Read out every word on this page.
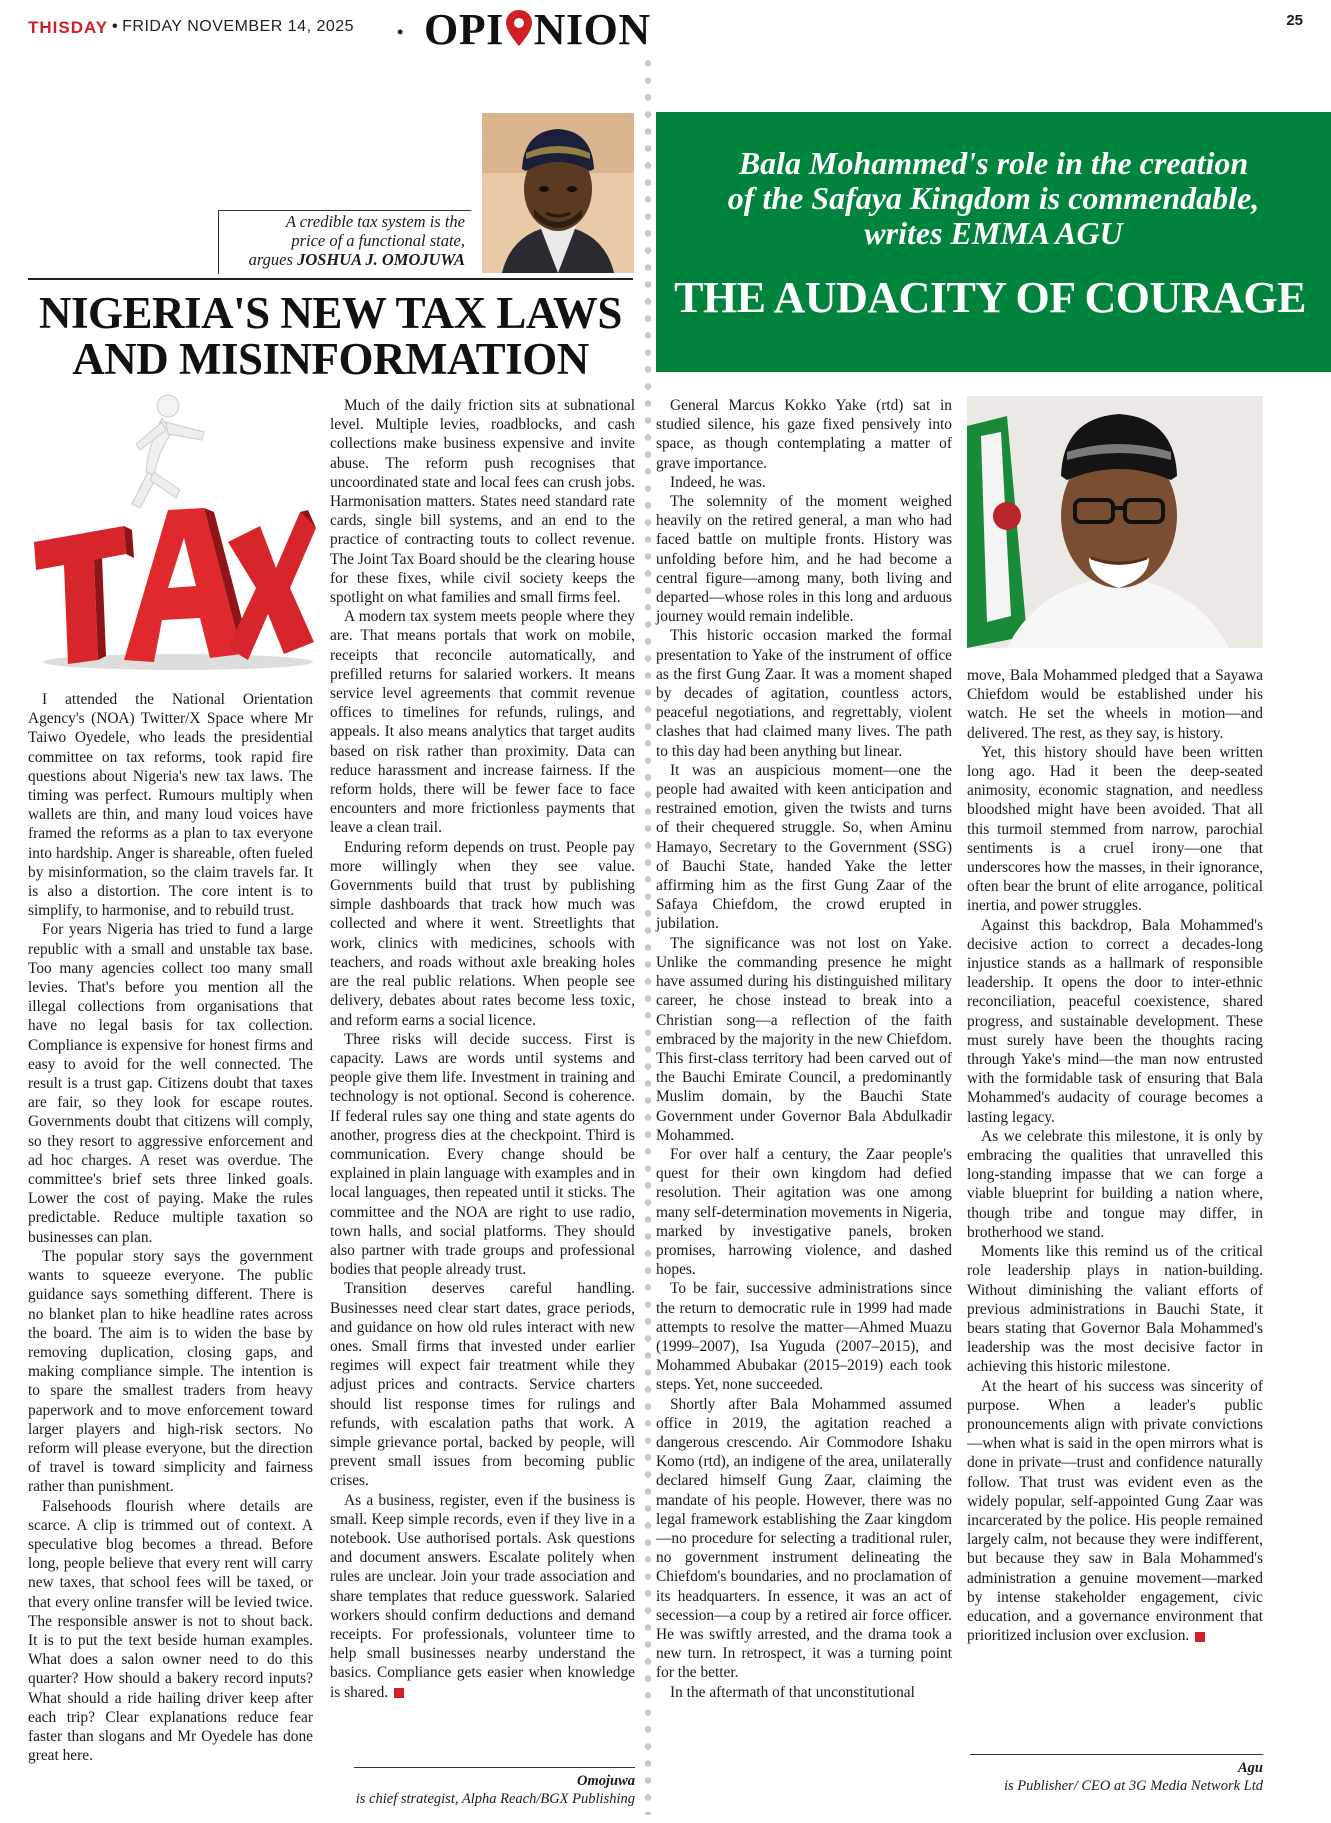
THISDAY • FRIDAY NOVEMBER 14, 2025 • OPI NION	25
A credible tax system is the
price of a functional state,
argues JOSHUA J. OMOJUWA
NIGERIA'S NEW TAX LAWS
AND MISINFORMATION
Bala Mohammed's role in the creation
of the Safaya Kingdom is commendable,
writes EMMA AGU
THE AUDACITY OF COURAGE

I attended the National Orientation Agency's (NOA) Twitter/X Space where Mr Taiwo Oyedele, who leads the presidential committee on tax reforms, took rapid fire questions about Nigeria's new tax laws. The timing was perfect. Rumours multiply when wallets are thin, and many loud voices have framed the reforms as a plan to tax everyone into hardship. Anger is shareable, often fueled by misinformation, so the claim travels far. It is also a distortion. The core intent is to simplify, to harmonise, and to rebuild trust.

For years Nigeria has tried to fund a large republic with a small and unstable tax base. Too many agencies collect too many small levies. That's before you mention all the illegal collections from organisations that have no legal basis for tax collection. Compliance is expensive for honest firms and easy to avoid for the well connected. The result is a trust gap. Citizens doubt that taxes are fair, so they look for escape routes. Governments doubt that citizens will comply, so they resort to aggressive enforcement and ad hoc charges. A reset was overdue. The committee's brief sets three linked goals. Lower the cost of paying. Make the rules predictable. Reduce multiple taxation so businesses can plan.

The popular story says the government wants to squeeze everyone. The public guidance says something different. There is no blanket plan to hike headline rates across the board. The aim is to widen the base by removing duplication, closing gaps, and making compliance simple. The intention is to spare the smallest traders from heavy paperwork and to move enforcement toward larger players and high-risk sectors. No reform will please everyone, but the direction of travel is toward simplicity and fairness rather than punishment.

Falsehoods flourish where details are scarce. A clip is trimmed out of context. A speculative blog becomes a thread. Before long, people believe that every rent will carry new taxes, that school fees will be taxed, or that every online transfer will be levied twice. The responsible answer is not to shout back. It is to put the text beside human examples. What does a salon owner need to do this quarter? How should a bakery record inputs? What should a ride hailing driver keep after each trip? Clear explanations reduce fear faster than slogans and Mr Oyedele has done great here.

Much of the daily friction sits at subnational level. Multiple levies, roadblocks, and cash collections make business expensive and invite abuse. The reform push recognises that uncoordinated state and local fees can crush jobs. Harmonisation matters. States need standard rate cards, single bill systems, and an end to the practice of contracting touts to collect revenue. The Joint Tax Board should be the clearing house for these fixes, while civil society keeps the spotlight on what families and small firms feel.

A modern tax system meets people where they are. That means portals that work on mobile, receipts that reconcile automatically, and prefilled returns for salaried workers. It means service level agreements that commit revenue offices to timelines for refunds, rulings, and appeals. It also means analytics that target audits based on risk rather than proximity. Data can reduce harassment and increase fairness. If the reform holds, there will be fewer face to face encounters and more frictionless payments that leave a clean trail.

Enduring reform depends on trust. People pay more willingly when they see value. Governments build that trust by publishing simple dashboards that track how much was collected and where it went. Streetlights that work, clinics with medicines, schools with teachers, and roads without axle breaking holes are the real public relations. When people see delivery, debates about rates become less toxic, and reform earns a social licence.

Three risks will decide success. First is capacity. Laws are words until systems and people give them life. Investment in training and technology is not optional. Second is coherence. If federal rules say one thing and state agents do another, progress dies at the checkpoint. Third is communication. Every change should be explained in plain language with examples and in local languages, then repeated until it sticks. The committee and the NOA are right to use radio, town halls, and social platforms. They should also partner with trade groups and professional bodies that people already trust.

Transition deserves careful handling. Businesses need clear start dates, grace periods, and guidance on how old rules interact with new ones. Small firms that invested under earlier regimes will expect fair treatment while they adjust prices and contracts. Service charters should list response times for rulings and refunds, with escalation paths that work. A simple grievance portal, backed by people, will prevent small issues from becoming public crises.

As a business, register, even if the business is small. Keep simple records, even if they live in a notebook. Use authorised portals. Ask questions and document answers. Escalate politely when rules are unclear. Join your trade association and share templates that reduce guesswork. Salaried workers should confirm deductions and demand receipts. For professionals, volunteer time to help small businesses nearby understand the basics. Compliance gets easier when knowledge is shared.

Omojuwa
is chief strategist, Alpha Reach/BGX Publishing

General Marcus Kokko Yake (rtd) sat in studied silence, his gaze fixed pensively into space, as though contemplating a matter of grave importance.

Indeed, he was.

The solemnity of the moment weighed heavily on the retired general, a man who had faced battle on multiple fronts. History was unfolding before him, and he had become a central figure—among many, both living and departed—whose roles in this long and arduous journey would remain indelible.

This historic occasion marked the formal presentation to Yake of the instrument of office as the first Gung Zaar. It was a moment shaped by decades of agitation, countless actors, peaceful negotiations, and regrettably, violent clashes that had claimed many lives. The path to this day had been anything but linear.

It was an auspicious moment—one the people had awaited with keen anticipation and restrained emotion, given the twists and turns of their chequered struggle. So, when Aminu Hamayo, Secretary to the Government (SSG) of Bauchi State, handed Yake the letter affirming him as the first Gung Zaar of the Safaya Chiefdom, the crowd erupted in jubilation.

The significance was not lost on Yake. Unlike the commanding presence he might have assumed during his distinguished military career, he chose instead to break into a Christian song—a reflection of the faith embraced by the majority in the new Chiefdom. This first-class territory had been carved out of the Bauchi Emirate Council, a predominantly Muslim domain, by the Bauchi State Government under Governor Bala Abdulkadir Mohammed.

For over half a century, the Zaar people's quest for their own kingdom had defied resolution. Their agitation was one among many self-determination movements in Nigeria, marked by investigative panels, broken promises, harrowing violence, and dashed hopes.

To be fair, successive administrations since the return to democratic rule in 1999 had made attempts to resolve the matter—Ahmed Muazu (1999–2007), Isa Yuguda (2007–2015), and Mohammed Abubakar (2015–2019) each took steps. Yet, none succeeded.

Shortly after Bala Mohammed assumed office in 2019, the agitation reached a dangerous crescendo. Air Commodore Ishaku Komo (rtd), an indigene of the area, unilaterally declared himself Gung Zaar, claiming the mandate of his people. However, there was no legal framework establishing the Zaar kingdom—no procedure for selecting a traditional ruler, no government instrument delineating the Chiefdom's boundaries, and no proclamation of its headquarters. In essence, it was an act of secession—a coup by a retired air force officer. He was swiftly arrested, and the drama took a new turn. In retrospect, it was a turning point for the better.

In the aftermath of that unconstitutional

move, Bala Mohammed pledged that a Sayawa Chiefdom would be established under his watch. He set the wheels in motion—and delivered. The rest, as they say, is history.

Yet, this history should have been written long ago. Had it been the deep-seated animosity, economic stagnation, and needless bloodshed might have been avoided. That all this turmoil stemmed from narrow, parochial sentiments is a cruel irony—one that underscores how the masses, in their ignorance, often bear the brunt of elite arrogance, political inertia, and power struggles.

Against this backdrop, Bala Mohammed's decisive action to correct a decades-long injustice stands as a hallmark of responsible leadership. It opens the door to inter-ethnic reconciliation, peaceful coexistence, shared progress, and sustainable development. These must surely have been the thoughts racing through Yake's mind—the man now entrusted with the formidable task of ensuring that Bala Mohammed's audacity of courage becomes a lasting legacy.

As we celebrate this milestone, it is only by embracing the qualities that unravelled this long-standing impasse that we can forge a viable blueprint for building a nation where, though tribe and tongue may differ, in brotherhood we stand.

Moments like this remind us of the critical role leadership plays in nation-building. Without diminishing the valiant efforts of previous administrations in Bauchi State, it bears stating that Governor Bala Mohammed's leadership was the most decisive factor in achieving this historic milestone.

At the heart of his success was sincerity of purpose. When a leader's public pronouncements align with private convictions—when what is said in the open mirrors what is done in private—trust and confidence naturally follow. That trust was evident even as the widely popular, self-appointed Gung Zaar was incarcerated by the police. His people remained largely calm, not because they were indifferent, but because they saw in Bala Mohammed's administration a genuine movement—marked by intense stakeholder engagement, civic education, and a governance environment that prioritized inclusion over exclusion.

Agu
is Publisher/ CEO at 3G Media Network Ltd
